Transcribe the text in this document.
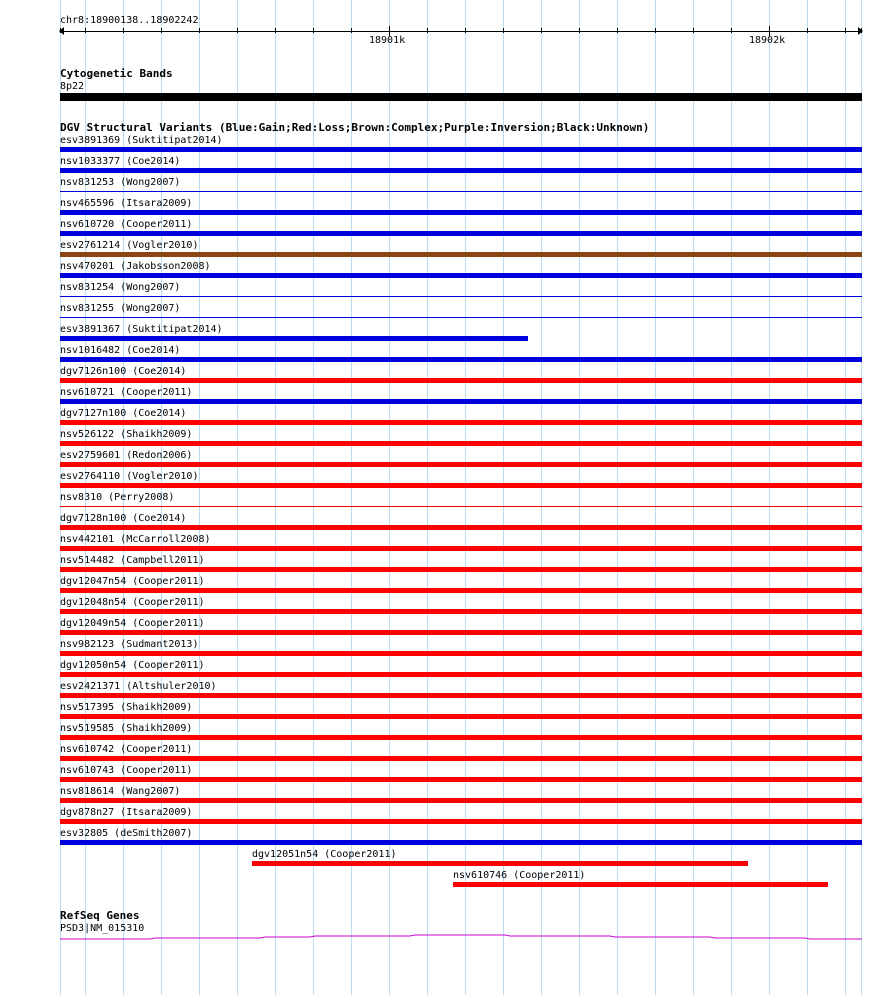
chr8:18900138..18902242
18901k	18902k
Cytogenetic Bands
8p22
DGV Structural Variants (Blue:Gain;Red:Loss;Brown:Complex;Purple:Inversion;Black:Unknown)
esv3891369 (Suktitipat2014)
nsv1033377 (Coe2014)
nsv831253 (Wong2007)
nsv465596 (Itsara2009)
nsv610720 (Cooper2011)
esv2761214 (Vogler2010)
nsv470201 (Jakobsson2008)
nsv831254 (Wong2007)
nsv831255 (Wong2007)
esv3891367 (Suktitipat2014)
nsv1016482 (Coe2014)
dgv7126n100 (Coe2014)
nsv610721 (Cooper2011)
dgv7127n100 (Coe2014)
nsv526122 (Shaikh2009)
esv2759601 (Redon2006)
esv2764110 (Vogler2010)
nsv8310 (Perry2008)
dgv7128n100 (Coe2014)
nsv442101 (McCarroll2008)
nsv514482 (Campbell2011)
dgv12047n54 (Cooper2011)
dgv12048n54 (Cooper2011)
dgv12049n54 (Cooper2011)
nsv982123 (Sudmant2013)
dgv12050n54 (Cooper2011)
esv2421371 (Altshuler2010)
nsv517395 (Shaikh2009)
nsv519585 (Shaikh2009)
nsv610742 (Cooper2011)
nsv610743 (Cooper2011)
nsv818614 (Wang2007)
dgv878n27 (Itsara2009)
esv32805 (deSmith2007)
dgv12051n54 (Cooper2011)
nsv610746 (Cooper2011)
RefSeq Genes
PSD3|NM_015310
